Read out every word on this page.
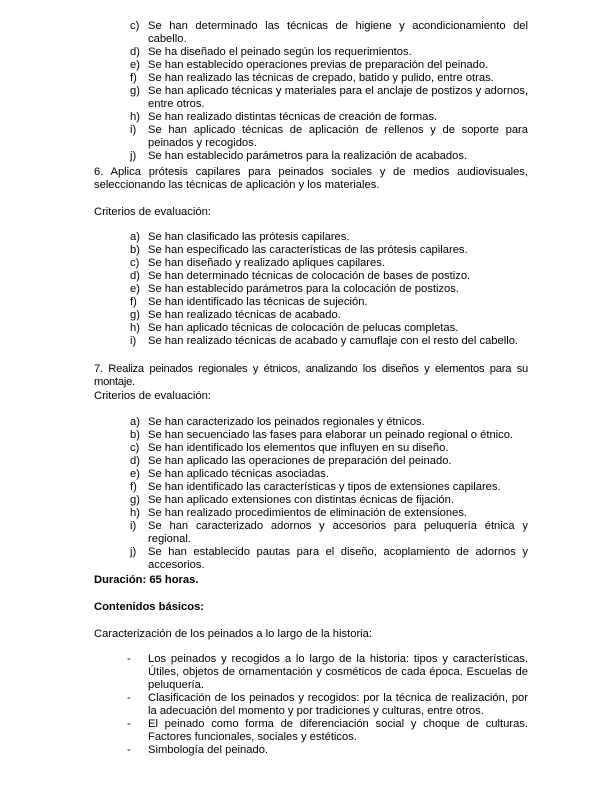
c) Se han determinado las técnicas de higiene y acondicionamiento del cabello.
d) Se ha diseñado el peinado según los requerimientos.
e) Se han establecido operaciones previas de preparación del peinado.
f) Se han realizado las técnicas de crepado, batido y pulido, entre otras.
g) Se han aplicado técnicas y materiales para el anclaje de postizos y adornos, entre otros.
h) Se han realizado distintas técnicas de creación de formas.
i)	Se han aplicado técnicas de aplicación de rellenos y de soporte para peinados y recogidos.
j)	Se han establecido parámetros para la realización de acabados.

6. Aplica prótesis capilares para peinados sociales y de medios audiovisuales, seleccionando las técnicas de aplicación y los materiales.

Criterios de evaluación:

a) Se han clasificado las prótesis capilares.
b) Se han especificado las características de las prótesis capilares.
c) Se han diseñado y realizado apliques capilares.
d) Se han determinado técnicas de colocación de bases de postizo.
e) Se han establecido parámetros para la colocación de postizos.
f) Se han identificado las técnicas de sujeción.
g) Se han realizado técnicas de acabado.
h) Se han aplicado técnicas de colocación de pelucas completas.
i)	Se han realizado técnicas de acabado y camuflaje con el resto del cabello.

7. Realiza peinados regionales y étnicos, analizando los diseños y elementos para su montaje.

Criterios de evaluación:

a) Se han caracterizado los peinados regionales y étnicos.
b) Se han secuenciado las fases para elaborar un peinado regional o étnico.
c) Se han identificado los elementos que influyen en su diseño.
d) Se han aplicado las operaciones de preparación del peinado.
e) Se han aplicado técnicas asociadas.
f) Se han identificado las características y tipos de extensiones capilares.
g) Se han aplicado extensiones con distintas écnicas de fijación.
h) Se han realizado procedimientos de eliminación de extensiones.
i)	Se han caracterizado adornos y accesorios para peluquería étnica y regional.
j)	Se han establecido pautas para el diseño, acoplamiento de adornos y accesorios.

Duración: 65 horas.

Contenidos básicos:

Caracterización de los peinados a lo largo de la historia:

-	Los peinados y recogidos a lo largo de la historia: tipos y características. Útiles, objetos de ornamentación y cosméticos de cada época. Escuelas de peluquería.
-	Clasificación de los peinados y recogidos: por la técnica de realización, por la adecuación del momento y por tradiciones y culturas, entre otros.
-	El peinado como forma de diferenciación social y choque de culturas. Factores funcionales, sociales y estéticos.
-	Simbología del peinado.
